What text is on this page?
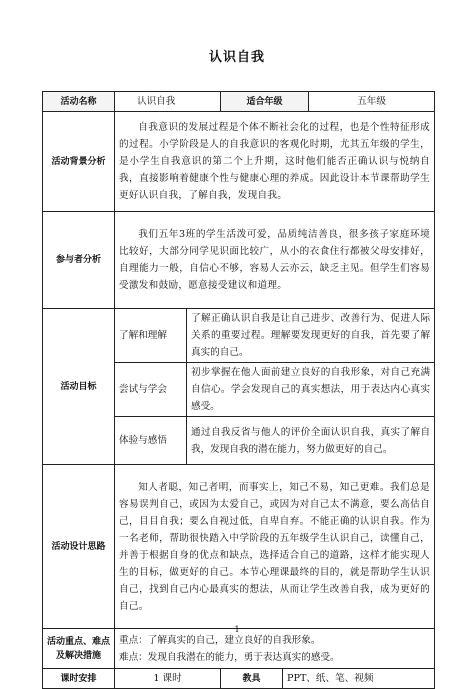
认识自我
活动名称	认识自我		适合年级		五年级
活动背景分析	自我意识的发展过程是个体不断社会化的过程，也是个性特征形成的过程。小学阶段是人的自我意识的客观化时期，尤其五年级的学生，是小学生自我意识的第二个上升期，这时他们能否正确认识与悦纳自我，直接影响着健康个性与健康心理的养成。因此设计本节课帮助学生更好认识自我，了解自我，发现自我。				

参与者分析	我们五年3班的学生活泼可爱，品质纯洁善良，很多孩子家庭环境比较好，大部分同学见识面比较广，从小的衣食住行都被父母安排好，自理能力一般，自信心不够，容易人云亦云，缺乏主见。但学生们容易受激发和鼓励，愿意接受建议和道理。				

活动目标	了解和理解	了解正确认识自我是让自己进步、改善行为、促进人际关系的重要过程。理解要发现更好的自我，首先要了解真实的自己。			

	尝试与学会	初步掌握在他人面前建立良好的自我形象，对自己充满自信心。学会发现自己的真实想法，用于表达内心真实感受。			

	体验与感悟	通过自我反省与他人的评价全面认识自我，真实了解自我，发现自我的潜在能力，努力做更好的自己。			

活动设计思路	知人者聪，知己者明，而事实上，知己不易，知己更难。我们总是容易误判自己，或因为太爱自己，或因为对自己太不满意，要么高估自己，目目自我；要么自视过低，自卑自弃。不能正确的认识自我。作为一名老师，帮助很快踏入中学阶段的五年级学生认识自己，读懂自己，并善于根据自身的优点和缺点，选择适合自己的道路，这样才能实现人生的目标，做更好的自己。本节心理课最终的目的，就是帮助学生认识自己，找到自己内心最真实的想法，从而让学生改善自我，成为更好的自己。				

活动重点、难点及解决措施	重点：了解真实的自己，建立良好的自我形象。

难点：发现自我潜在的能力，勇于表达真实的感受。				

课时安排	1 课时		教具	PPT、纸、笔、视频	
1
